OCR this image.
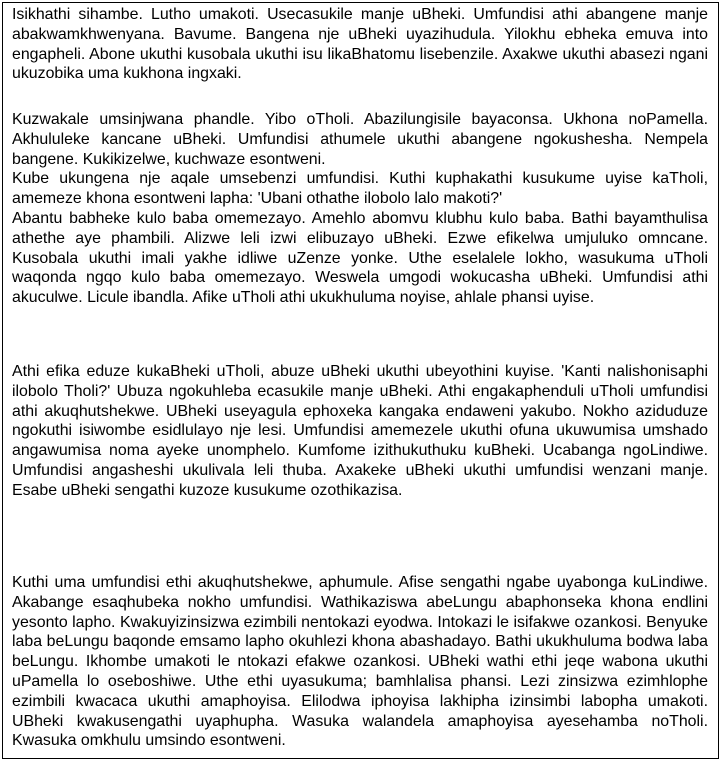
Isikhathi sihambe. Lutho umakoti. Usecasukile manje uBheki. Umfundisi athi abangene manje abakwamkhwenyana. Bavume. Bangena nje uBheki uyazihudula. Yilokhu ebheka emuva into engapheli. Abone ukuthi kusobala ukuthi isu likaBhatomu lisebenzile. Axakwe ukuthi abasezi ngani ukuzobika uma kukhona ingxaki.

Kuzwakale umsinjwana phandle. Yibo oTholi. Abazilungisile bayaconsa. Ukhona noPamella. Akhululeke kancane uBheki. Umfundisi athumele ukuthi abangene ngokushesha. Nempela bangene. Kukikizelwe, kuchwaze esontweni.
Kube ukungena nje aqale umsebenzi umfundisi. Kuthi kuphakathi kusukume uyise kaTholi, amemeze khona esontweni lapha: 'Ubani othathe ilobolo lalo makoti?'
Abantu babheke kulo baba omemezayo. Amehlo abomvu klubhu kulo baba. Bathi bayamthulisa athethe aye phambili. Alizwe leli izwi elibuzayo uBheki. Ezwe efikelwa umjuluko omncane. Kusobala ukuthi imali yakhe idliwe uZenze yonke. Uthe eselalele lokho, wasukuma uTholi waqonda ngqo kulo baba omemezayo. Weswela umgodi wokucasha uBheki. Umfundisi athi akuculwe. Licule ibandla. Afike uTholi athi ukukhuluma noyise, ahlale phansi uyise.

Athi efika eduze kukaBheki uTholi, abuze uBheki ukuthi ubeyothini kuyise. 'Kanti nalishonisaphi ilobolo Tholi?' Ubuza ngokuhleba ecasukile manje uBheki. Athi engakaphenduli uTholi umfundisi athi akuqhutshekwe. UBheki useyagula ephoxeka kangaka endaweni yakubo. Nokho aziduduze ngokuthi isiwombe esidlulayo nje lesi. Umfundisi amemezele ukuthi ofuna ukuwumisa umshado angawumisa noma ayeke unomphelo. Kumfome izithukuthuku kuBheki. Ucabanga ngoLindiwe. Umfundisi angasheshi ukulivala leli thuba. Axakeke uBheki ukuthi umfundisi wenzani manje. Esabe uBheki sengathi kuzoze kusukume ozothikazisa.

Kuthi uma umfundisi ethi akuqhutshekwe, aphumule. Afise sengathi ngabe uyabonga kuLindiwe. Akabange esaqhubeka nokho umfundisi. Wathikaziswa abeLungu abaphonseka khona endlini yesonto lapho. Kwakuyizinsizwa ezimbili nentokazi eyodwa. Intokazi le isifakwe ozankosi. Benyuke laba beLungu baqonde emsamo lapho okuhlezi khona abashadayo. Bathi ukukhuluma bodwa laba beLungu. Ikhombe umakoti le ntokazi efakwe ozankosi. UBheki wathi ethi jeqe wabona ukuthi uPamella lo oseboshiwe. Uthe ethi uyasukuma; bamhlalisa phansi. Lezi zinsizwa ezimhlophe ezimbili kwacaca ukuthi amaphoyisa. Elilodwa iphoyisa lakhipha izinsimbi labopha umakoti. UBheki kwakusengathi uyaphupha. Wasuka walandela amaphoyisa ayesehamba noTholi. Kwasuka omkhulu umsindo esontweni.
